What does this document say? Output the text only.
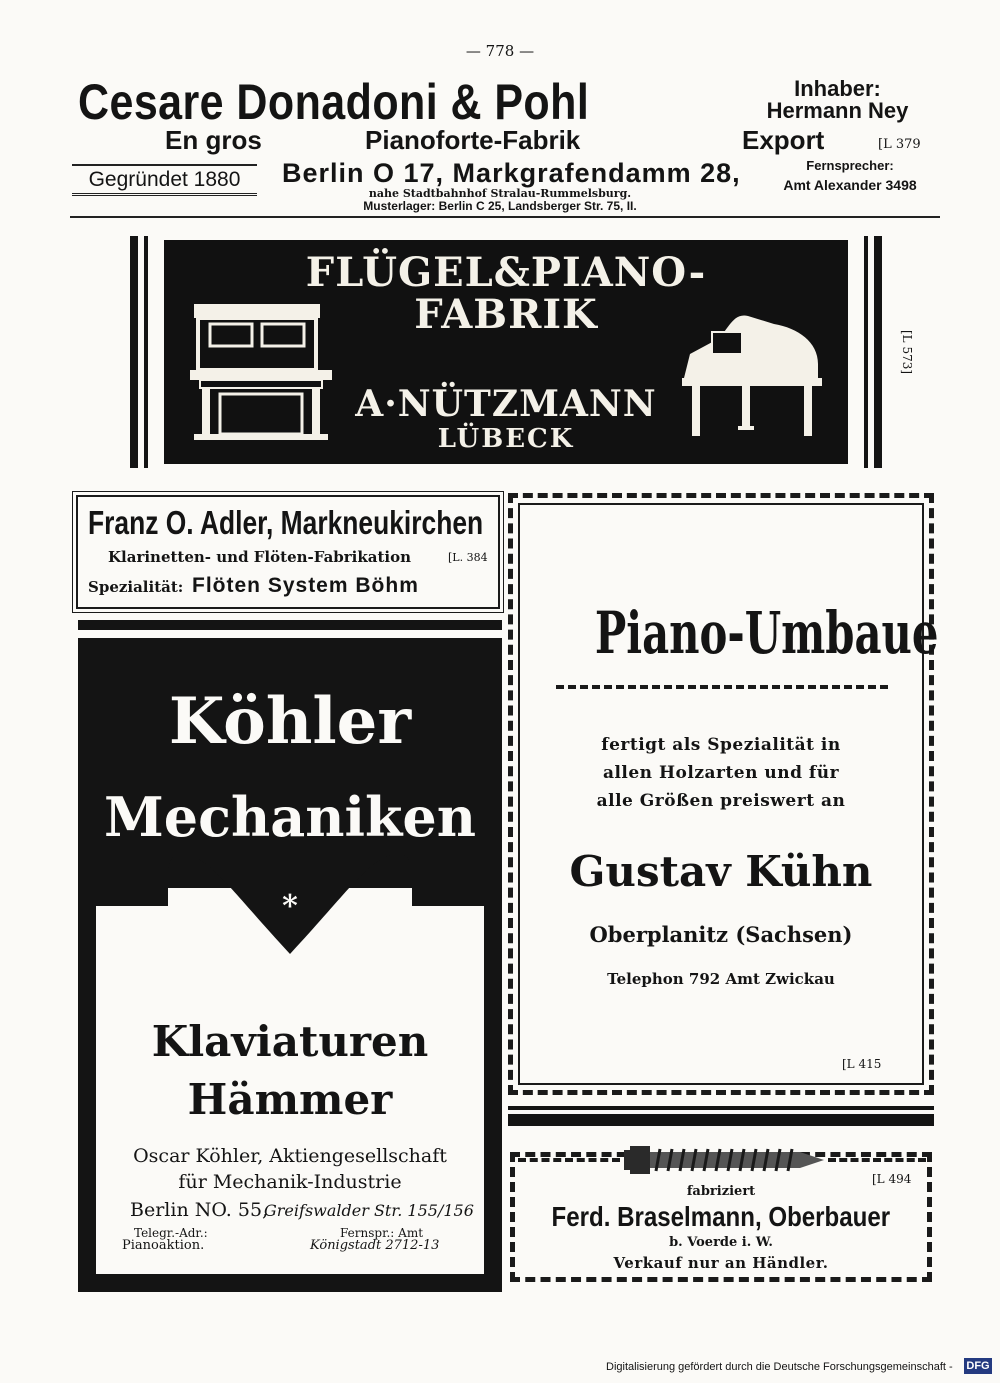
— 778 —
Cesare Donadoni & Pohl	Inhaber:
Hermann Ney
En gros	Pianoforte-Fabrik	Export	[L 379
Gegründet 1880	Berlin O 17, Markgrafendamm 28,	Fernsprecher:
Amt Alexander 3498
nahe Stadtbahnhof Stralau-Rummelsburg.
Musterlager: Berlin C 25, Landsberger Str. 75, II.
FLÜGEL&PIANO-
FABRIK
A·NÜTZMANN
LÜBECK
[L 573]
Franz O. Adler, Markneukirchen
Klarinetten- und Flöten-Fabrikation	[L. 384
Spezialität: Flöten System Böhm
Piano-Umbaue
fertigt als Spezialität in
allen Holzarten und für
alle Größen preiswert an
Gustav Kühn
Oberplanitz (Sachsen)
Telephon 792 Amt Zwickau
[L 415
Köhler
Mechaniken
*
Klaviaturen
Hämmer
Oscar Köhler, Aktiengesellschaft
für Mechanik-Industrie
Berlin NO. 55,
Greifswalder Str. 155/156
Telegr.-Adr.:
Pianoaktion.
Fernspr.: Amt
Königstadt 2712-13
fabriziert
[L 494
Ferd. Braselmann, Oberbauer
b. Voerde i. W.
Verkauf nur an Händler.
Digitalisierung gefördert durch die Deutsche Forschungsgemeinschaft - DFG
